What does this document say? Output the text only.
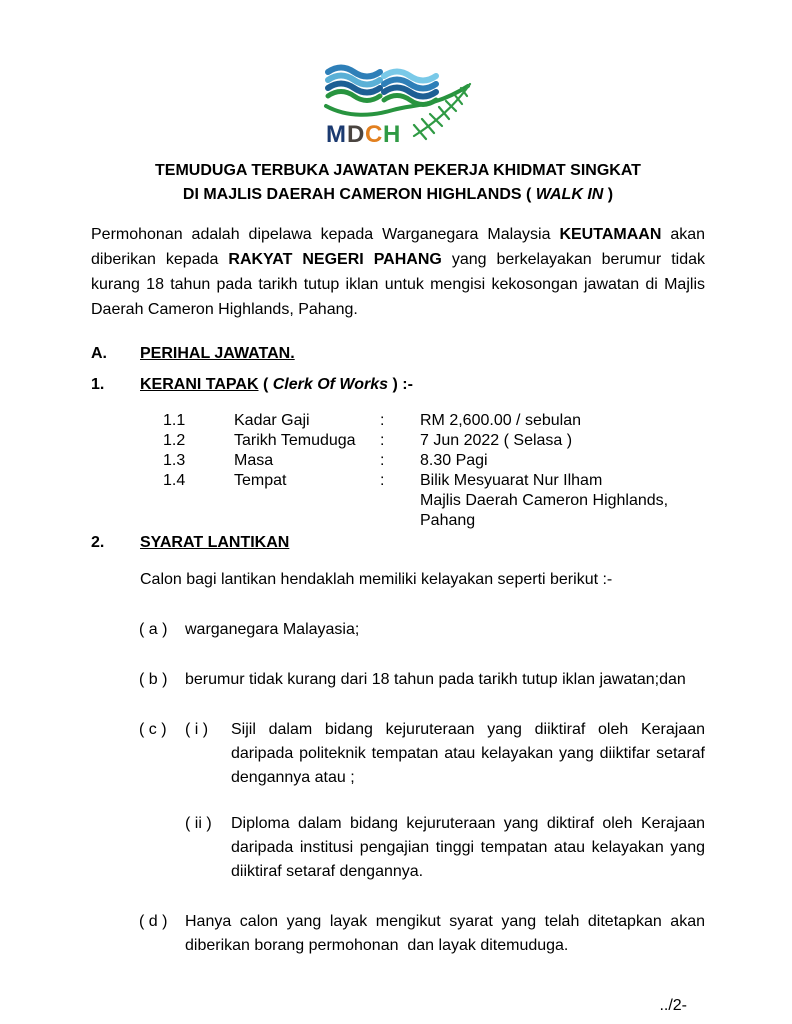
M D C H
TEMUDUGA TERBUKA JAWATAN PEKERJA KHIDMAT SINGKAT
DI MAJLIS DAERAH CAMERON HIGHLANDS ( WALK IN )

Permohonan adalah dipelawa kepada Warganegara Malaysia KEUTAMAAN akan diberikan kepada RAKYAT NEGERI PAHANG yang berkelayakan berumur tidak kurang 18 tahun pada tarikh tutup iklan untuk mengisi kekosongan jawatan di Majlis Daerah Cameron Highlands, Pahang.

A.	PERIHAL JAWATAN.
1.	KERANI TAPAK ( Clerk Of Works ) :-
1.1	Kadar Gaji	:	RM 2,600.00 / sebulan
1.2	Tarikh Temuduga	:	7 Jun 2022 ( Selasa )
1.3	Masa	:	8.30 Pagi
1.4	Tempat	:	Bilik Mesyuarat Nur Ilham
Majlis Daerah Cameron Highlands,
Pahang
2.	SYARAT LANTIKAN
Calon bagi lantikan hendaklah memiliki kelayakan seperti berikut :-
( a )	warganegara Malayasia;
( b )	berumur tidak kurang dari 18 tahun pada tarikh tutup iklan jawatan;dan
( c )	( i )	Sijil dalam bidang kejuruteraan yang diiktiraf oleh Kerajaan daripada politeknik tempatan atau kelayakan yang diiktifar setaraf dengannya atau ;
( ii )	Diploma dalam bidang kejuruteraan yang diktiraf oleh Kerajaan daripada institusi pengajian tinggi tempatan atau kelayakan yang diiktiraf setaraf dengannya.
( d )	Hanya calon yang layak mengikut syarat yang telah ditetapkan akan diberikan borang permohonan  dan layak ditemuduga.
../2-
